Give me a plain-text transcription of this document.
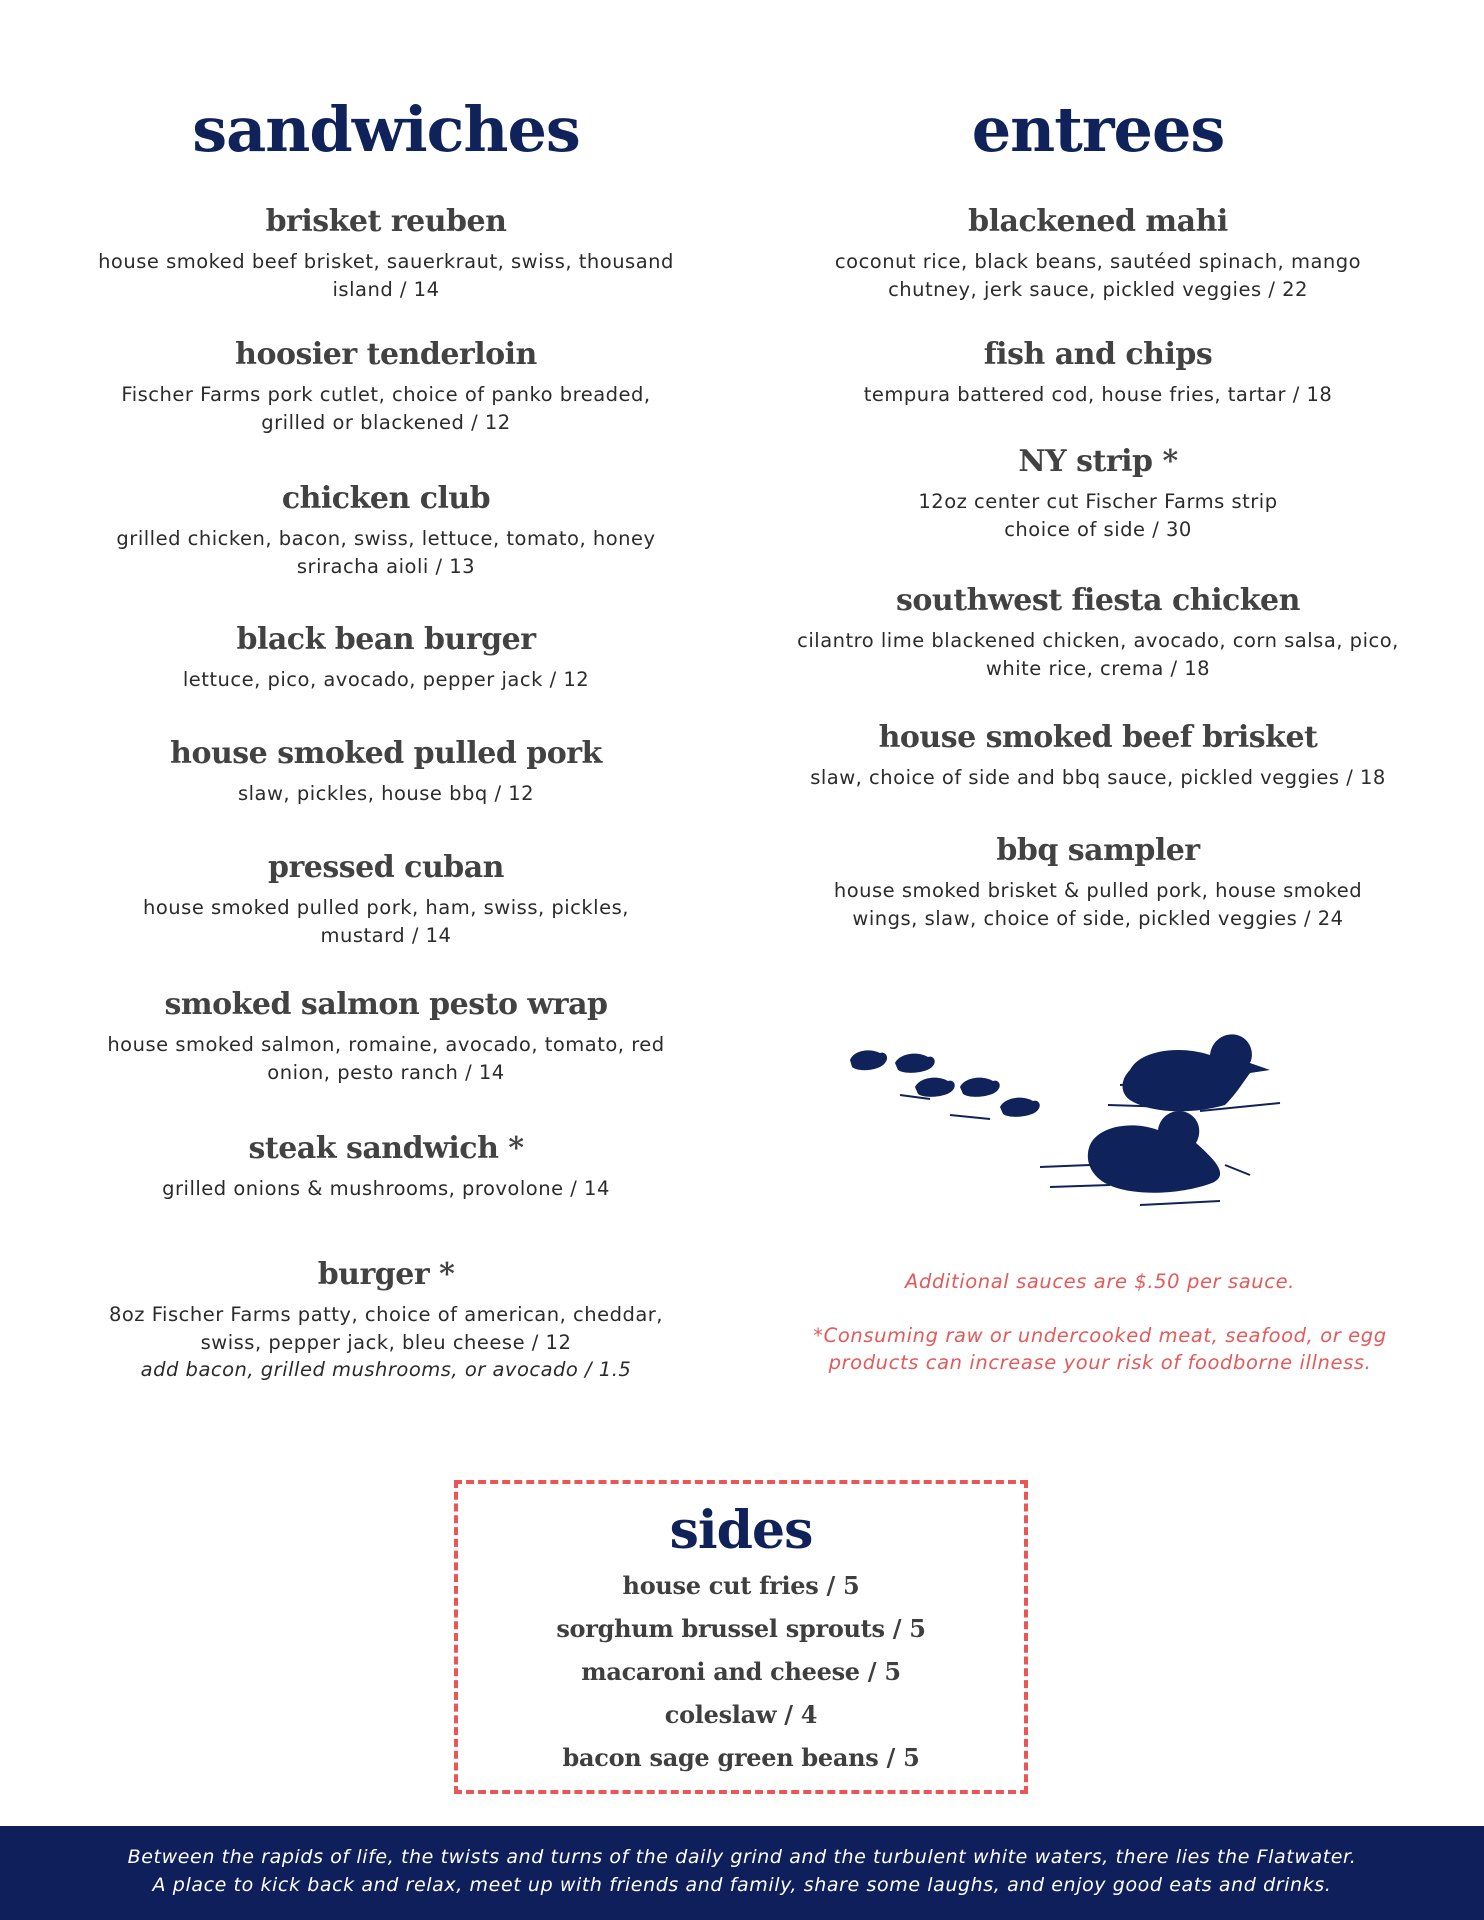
sandwiches
brisket reuben
house smoked beef brisket, sauerkraut, swiss, thousand island / 14
hoosier tenderloin
Fischer Farms pork cutlet, choice of panko breaded, grilled or blackened / 12
chicken club
grilled chicken, bacon, swiss, lettuce, tomato, honey sriracha aioli / 13
black bean burger
lettuce, pico, avocado, pepper jack / 12
house smoked pulled pork
slaw, pickles, house bbq / 12
pressed cuban
house smoked pulled pork, ham, swiss, pickles, mustard / 14
smoked salmon pesto wrap
house smoked salmon, romaine, avocado, tomato, red onion, pesto ranch / 14
steak sandwich *
grilled onions & mushrooms, provolone / 14
burger *
8oz Fischer Farms patty, choice of american, cheddar, swiss, pepper jack, bleu cheese / 12
add bacon, grilled mushrooms, or avocado / 1.5
entrees
blackened mahi
coconut rice, black beans, sautéed spinach, mango chutney, jerk sauce, pickled veggies / 22
fish and chips
tempura battered cod, house fries, tartar / 18
NY strip *
12oz center cut Fischer Farms strip
choice of side / 30
southwest fiesta chicken
cilantro lime blackened chicken, avocado, corn salsa, pico, white rice, crema / 18
house smoked beef brisket
slaw, choice of side and bbq sauce, pickled veggies / 18
bbq sampler
house smoked brisket & pulled pork, house smoked wings, slaw, choice of side, pickled veggies / 24

Additional sauces are $.50 per sauce.

*Consuming raw or undercooked meat, seafood, or egg products can increase your risk of foodborne illness.

sides
house cut fries / 5
sorghum brussel sprouts / 5
macaroni and cheese / 5
coleslaw / 4
bacon sage green beans / 5
Between the rapids of life, the twists and turns of the daily grind and the turbulent white waters, there lies the Flatwater.
A place to kick back and relax, meet up with friends and family, share some laughs, and enjoy good eats and drinks.
